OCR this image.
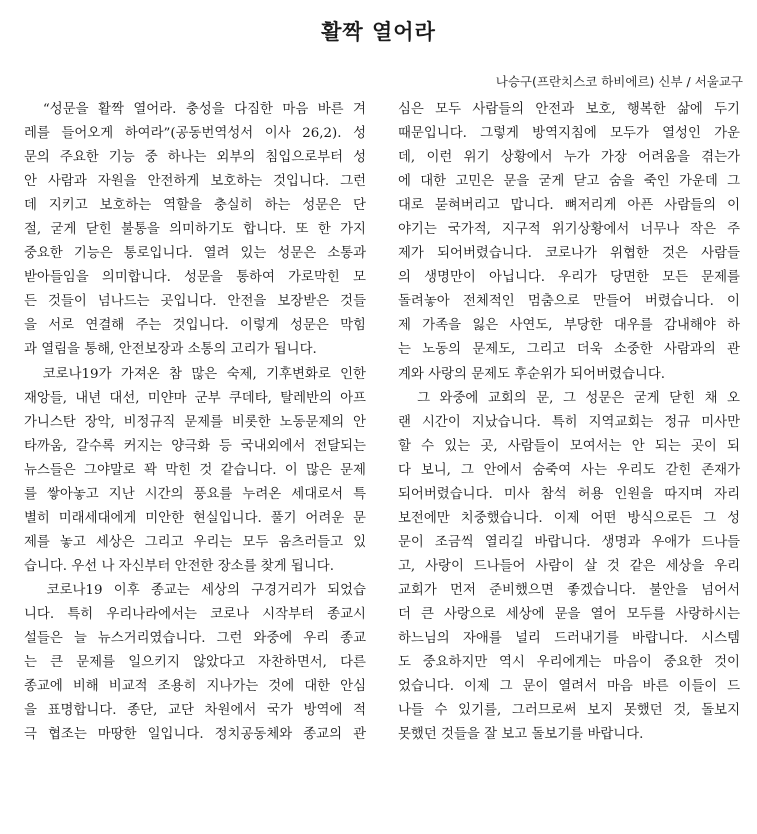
활짝 열어라
나승구(프란치스코 하비에르) 신부 / 서울교구
“성문을 활짝 열어라. 충성을 다짐한 마음 바른 겨
레를 들어오게 하여라”(공동번역성서 이사 26,2). 성
문의 주요한 기능 중 하나는 외부의 침입으로부터 성
안 사람과 자원을 안전하게 보호하는 것입니다. 그런
데 지키고 보호하는 역할을 충실히 하는 성문은 단
절, 굳게 닫힌 불통을 의미하기도 합니다. 또 한 가지
중요한 기능은 통로입니다. 열려 있는 성문은 소통과
받아들임을 의미합니다. 성문을 통하여 가로막힌 모
든 것들이 넘나드는 곳입니다. 안전을 보장받은 것들
을 서로 연결해 주는 것입니다. 이렇게 성문은 막힘
과 열림을 통해, 안전보장과 소통의 고리가 됩니다.
코로나19가 가져온 참 많은 숙제, 기후변화로 인한
재앙들, 내년 대선, 미얀마 군부 쿠데타, 탈레반의 아프
가니스탄 장악, 비정규직 문제를 비롯한 노동문제의 안
타까움, 갈수록 커지는 양극화 등 국내외에서 전달되는
뉴스들은 그야말로 꽉 막힌 것 같습니다. 이 많은 문제
를 쌓아놓고 지난 시간의 풍요를 누려온 세대로서 특
별히 미래세대에게 미안한 현실입니다. 풀기 어려운 문
제를 놓고 세상은 그리고 우리는 모두 움츠러들고 있
습니다. 우선 나 자신부터 안전한 장소를 찾게 됩니다.
코로나19 이후 종교는 세상의 구경거리가 되었습
니다. 특히 우리나라에서는 코로나 시작부터 종교시
설들은 늘 뉴스거리였습니다. 그런 와중에 우리 종교
는 큰 문제를 일으키지 않았다고 자찬하면서, 다른
종교에 비해 비교적 조용히 지나가는 것에 대한 안심
을 표명합니다. 종단, 교단 차원에서 국가 방역에 적
극 협조는 마땅한 일입니다. 정치공동체와 종교의 관
심은 모두 사람들의 안전과 보호, 행복한 삶에 두기
때문입니다. 그렇게 방역지침에 모두가 열성인 가운
데, 이런 위기 상황에서 누가 가장 어려움을 겪는가
에 대한 고민은 문을 굳게 닫고 숨을 죽인 가운데 그
대로 묻혀버리고 맙니다. 뼈저리게 아픈 사람들의 이
야기는 국가적, 지구적 위기상황에서 너무나 작은 주
제가 되어버렸습니다. 코로나가 위협한 것은 사람들
의 생명만이 아닙니다. 우리가 당면한 모든 문제를
돌려놓아 전체적인 멈춤으로 만들어 버렸습니다. 이
제 가족을 잃은 사연도, 부당한 대우를 감내해야 하
는 노동의 문제도, 그리고 더욱 소중한 사람과의 관
계와 사랑의 문제도 후순위가 되어버렸습니다.
그 와중에 교회의 문, 그 성문은 굳게 닫힌 채 오
랜 시간이 지났습니다. 특히 지역교회는 정규 미사만
할 수 있는 곳, 사람들이 모여서는 안 되는 곳이 되
다 보니, 그 안에서 숨죽여 사는 우리도 갇힌 존재가
되어버렸습니다. 미사 참석 허용 인원을 따지며 자리
보전에만 치중했습니다. 이제 어떤 방식으로든 그 성
문이 조금씩 열리길 바랍니다. 생명과 우애가 드나들
고, 사랑이 드나들어 사람이 살 것 같은 세상을 우리
교회가 먼저 준비했으면 좋겠습니다. 불안을 넘어서
더 큰 사랑으로 세상에 문을 열어 모두를 사랑하시는
하느님의 자애를 널리 드러내기를 바랍니다. 시스템
도 중요하지만 역시 우리에게는 마음이 중요한 것이
었습니다. 이제 그 문이 열려서 마음 바른 이들이 드
나들 수 있기를, 그러므로써 보지 못했던 것, 돌보지
못했던 것들을 잘 보고 돌보기를 바랍니다.
